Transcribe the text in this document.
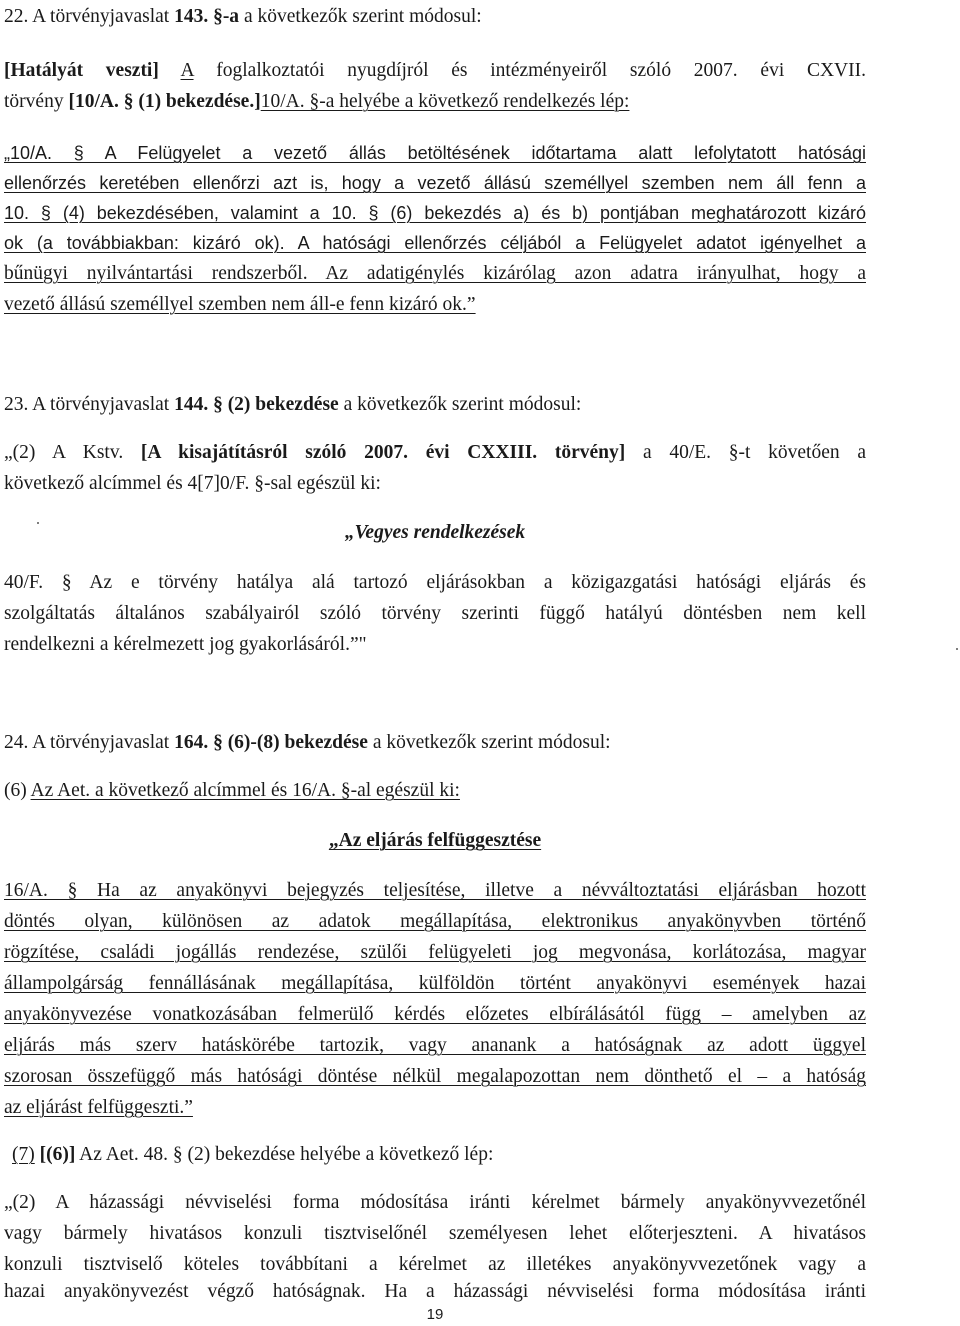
22. A törvényjavaslat 143. §-a a következők szerint módosul:
[Hatályát veszti] A foglalkoztatói nyugdíjról és intézményeiről szóló 2007. évi CXVII.
törvény [10/A. § (1) bekezdése.]10/A. §-a helyébe a következő rendelkezés lép:
„10/A. § A Felügyelet a vezető állás betöltésének időtartama alatt lefolytatott hatósági
ellenőrzés keretében ellenőrzi azt is, hogy a vezető állású személlyel szemben nem áll fenn a
10. § (4) bekezdésében, valamint a 10. § (6) bekezdés a) és b) pontjában meghatározott kizáró
ok (a továbbiakban: kizáró ok). A hatósági ellenőrzés céljából a Felügyelet adatot igényelhet a
bűnügyi nyilvántartási rendszerből. Az adatigénylés kizárólag azon adatra irányulhat, hogy a
vezető állású személlyel szemben nem áll-e fenn kizáró ok.”
23. A törvényjavaslat 144. § (2) bekezdése a következők szerint módosul:
„(2) A Kstv. [A kisajátításról szóló 2007. évi CXXIII. törvény] a 40/E. §-t követően a
következő alcímmel és 4[7]0/F. §-sal egészül ki:
„Vegyes rendelkezések
40/F. § Az e törvény hatálya alá tartozó eljárásokban a közigazgatási hatósági eljárás és
szolgáltatás általános szabályairól szóló törvény szerinti függő hatályú döntésben nem kell
rendelkezni a kérelmezett jog gyakorlásáról.”"
24. A törvényjavaslat 164. § (6)-(8) bekezdése a következők szerint módosul:
(6) Az Aet. a következő alcímmel és 16/A. §-al egészül ki:
„Az eljárás felfüggesztése
16/A. § Ha az anyakönyvi bejegyzés teljesítése, illetve a névváltoztatási eljárásban hozott
döntés olyan, különösen az adatok megállapítása, elektronikus anyakönyvben történő
rögzítése, családi jogállás rendezése, szülői felügyeleti jog megvonása, korlátozása, magyar
állampolgárság fennállásának megállapítása, külföldön történt anyakönyvi események hazai
anyakönyvezése vonatkozásában felmerülő kérdés előzetes elbírálásától függ – amelyben az
eljárás más szerv hatáskörébe tartozik, vagy ananank a hatóságnak az adott üggyel
szorosan összefüggő más hatósági döntése nélkül megalapozottan nem dönthető el – a hatóság
az eljárást felfüggeszti.”
(7) [(6)] Az Aet. 48. § (2) bekezdése helyébe a következő lép:
„(2) A házassági névviselési forma módosítása iránti kérelmet bármely anyakönyvvezetőnél
vagy bármely hivatásos konzuli tisztviselőnél személyesen lehet előterjeszteni. A hivatásos
konzuli tisztviselő köteles továbbítani a kérelmet az illetékes anyakönyvvezetőnek vagy a
hazai anyakönyvezést végző hatóságnak. Ha a házassági névviselési forma módosítása iránti
19
